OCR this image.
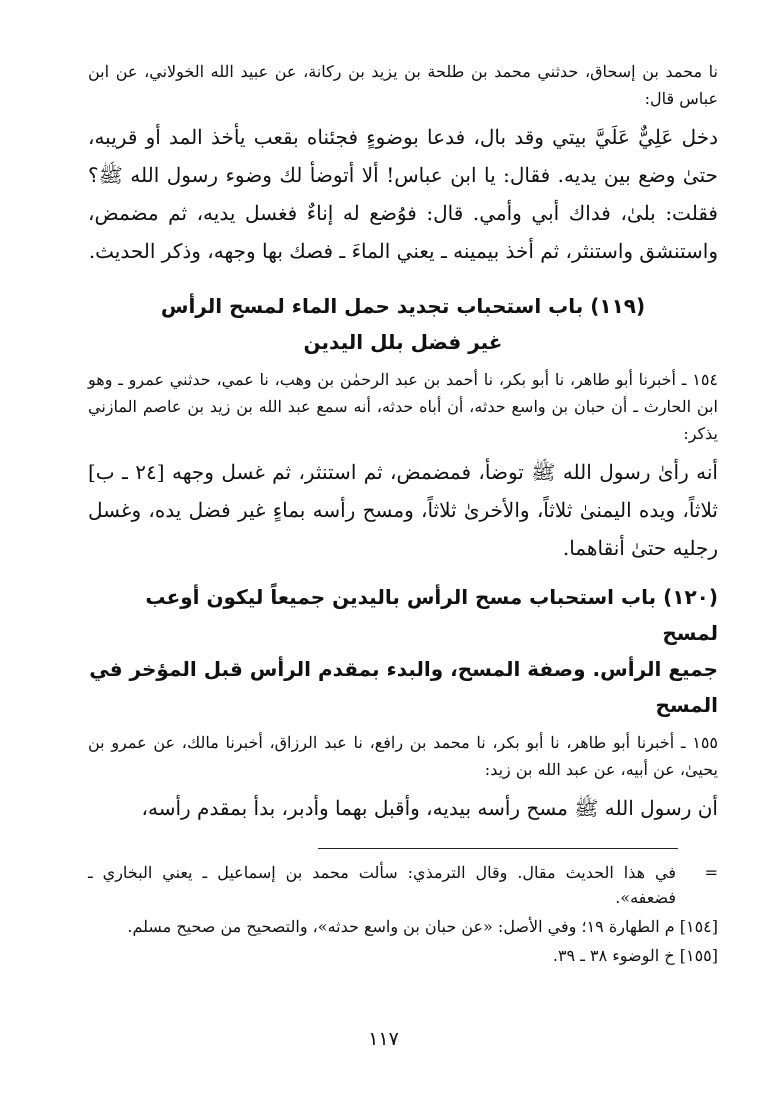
نا محمد بن إسحاق، حدثني محمد بن طلحة بن يزيد بن ركانة، عن عبيد الله الخولاني، عن ابن عباس قال:

دخل عَلِيٌّ عَلَيَّ بيتي وقد بال، فدعا بوضوءٍ فجئناه بقعب يأخذ المد أو قريبه، حتىٰ وضع بين يديه. فقال: يا ابن عباس! ألا أتوضأ لك وضوء رسول الله ﷺ؟ فقلت: بلىٰ، فداك أبي وأمي. قال: فوُضع له إناءٌ فغسل يديه، ثم مضمض، واستنشق واستنثر، ثم أخذ بيمينه ـ يعني الماءَ ـ فصك بها وجهه، وذكر الحديث.

(١١٩) باب استحباب تجديد حمل الماء لمسح الرأس
غير فضل بلل اليدين

١٥٤ ـ أخبرنا أبو طاهر، نا أبو بكر، نا أحمد بن عبد الرحمٰن بن وهب، نا عمي، حدثني عمرو ـ وهو ابن الحارث ـ أن حبان بن واسع حدثه، أن أباه حدثه، أنه سمع عبد الله بن زيد بن عاصم المازني يذكر:

أنه رأىٰ رسول الله ﷺ توضأ، فمضمض، ثم استنثر، ثم غسل وجهه [٢٤ ـ ب] ثلاثاً، ويده اليمنىٰ ثلاثاً، والأخرىٰ ثلاثاً، ومسح رأسه بماءٍ غير فضل يده، وغسل رجليه حتىٰ أنقاهما.

(١٢٠) باب استحباب مسح الرأس باليدين جميعاً ليكون أوعب لمسح
جميع الرأس. وصفة المسح، والبدء بمقدم الرأس قبل المؤخر في المسح

١٥٥ ـ أخبرنا أبو طاهر، نا أبو بكر، نا محمد بن رافع، نا عبد الرزاق، أخبرنا مالك، عن عمرو بن يحيىٰ، عن أبيه، عن عبد الله بن زيد:

أن رسول الله ﷺ مسح رأسه بيديه، وأقبل بهما وأدبر، بدأ بمقدم رأسه،

=
في هذا الحديث مقال. وقال الترمذي: سألت محمد بن إسماعيل ـ يعني البخاري ـ فضعفه».

[١٥٤] م الطهارة ١٩؛ وفي الأصل: «عن حبان بن واسع حدثه»، والتصحيح من صحيح مسلم.

[١٥٥] خ الوضوء ٣٨ ـ ٣٩.

١١٧
